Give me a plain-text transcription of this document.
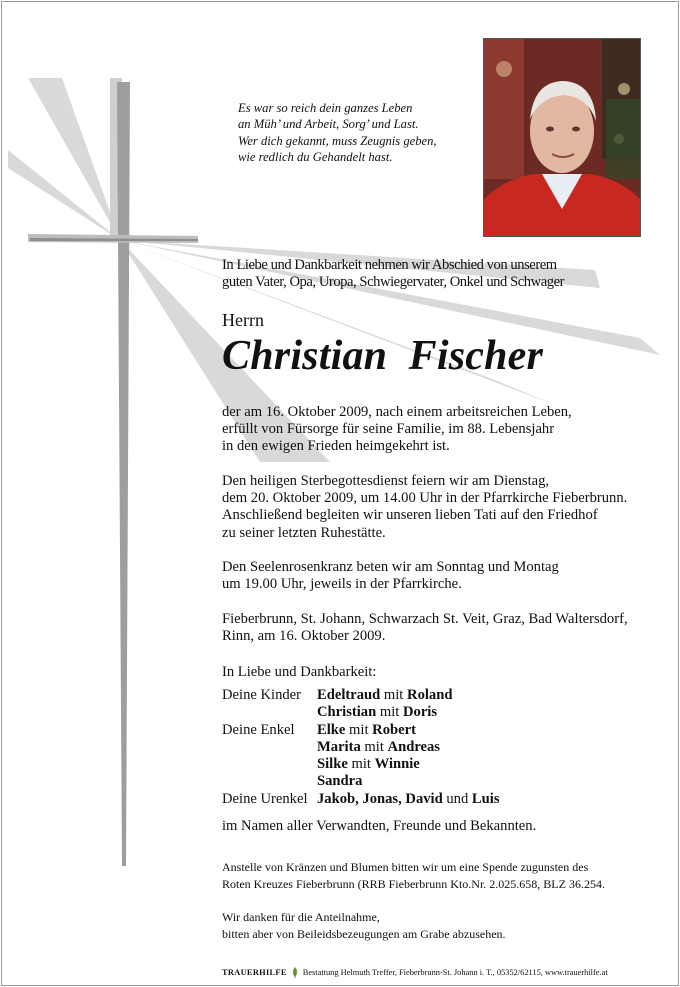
Es war so reich dein ganzes Leben
an Müh’ und Arbeit, Sorg’ und Last.
Wer dich gekannt, muss Zeugnis geben,
wie redlich du Gehandelt hast.
In Liebe und Dankbarkeit nehmen wir Abschied von unserem
guten Vater, Opa, Uropa, Schwiegervater, Onkel und Schwager
Herrn
Christian  Fischer
der am 16. Oktober 2009, nach einem arbeitsreichen Leben,
erfüllt von Fürsorge für seine Familie, im 88. Lebensjahr
in den ewigen Frieden heimgekehrt ist.
Den heiligen Sterbegottesdienst feiern wir am Dienstag,
dem 20. Oktober 2009, um 14.00 Uhr in der Pfarrkirche Fieberbrunn.
Anschließend begleiten wir unseren lieben Tati auf den Friedhof
zu seiner letzten Ruhestätte.
Den Seelenrosenkranz beten wir am Sonntag und Montag
um 19.00 Uhr, jeweils in der Pfarrkirche.
Fieberbrunn, St. Johann, Schwarzach St. Veit, Graz, Bad Waltersdorf,
Rinn, am 16. Oktober 2009.
In Liebe und Dankbarkeit:
Deine Kinder	Edeltraud mit Roland
Christian mit Doris
Deine Enkel	Elke mit Robert
Marita mit Andreas
Silke mit Winnie
Sandra
Deine Urenkel Jakob, Jonas, David und Luis
im Namen aller Verwandten, Freunde und Bekannten.
Anstelle von Kränzen und Blumen bitten wir um eine Spende zugunsten des
Roten Kreuzes Fieberbrunn (RRB Fieberbrunn Kto.Nr. 2.025.658, BLZ 36.254.
Wir danken für die Anteilnahme,
bitten aber von Beileidsbezeugungen am Grabe abzusehen.
TRAUERHILFE Bestattung Helmuth Treffer, Fieberbrunn-St. Johann i. T., 05352/62115, www.trauerhilfe.at
